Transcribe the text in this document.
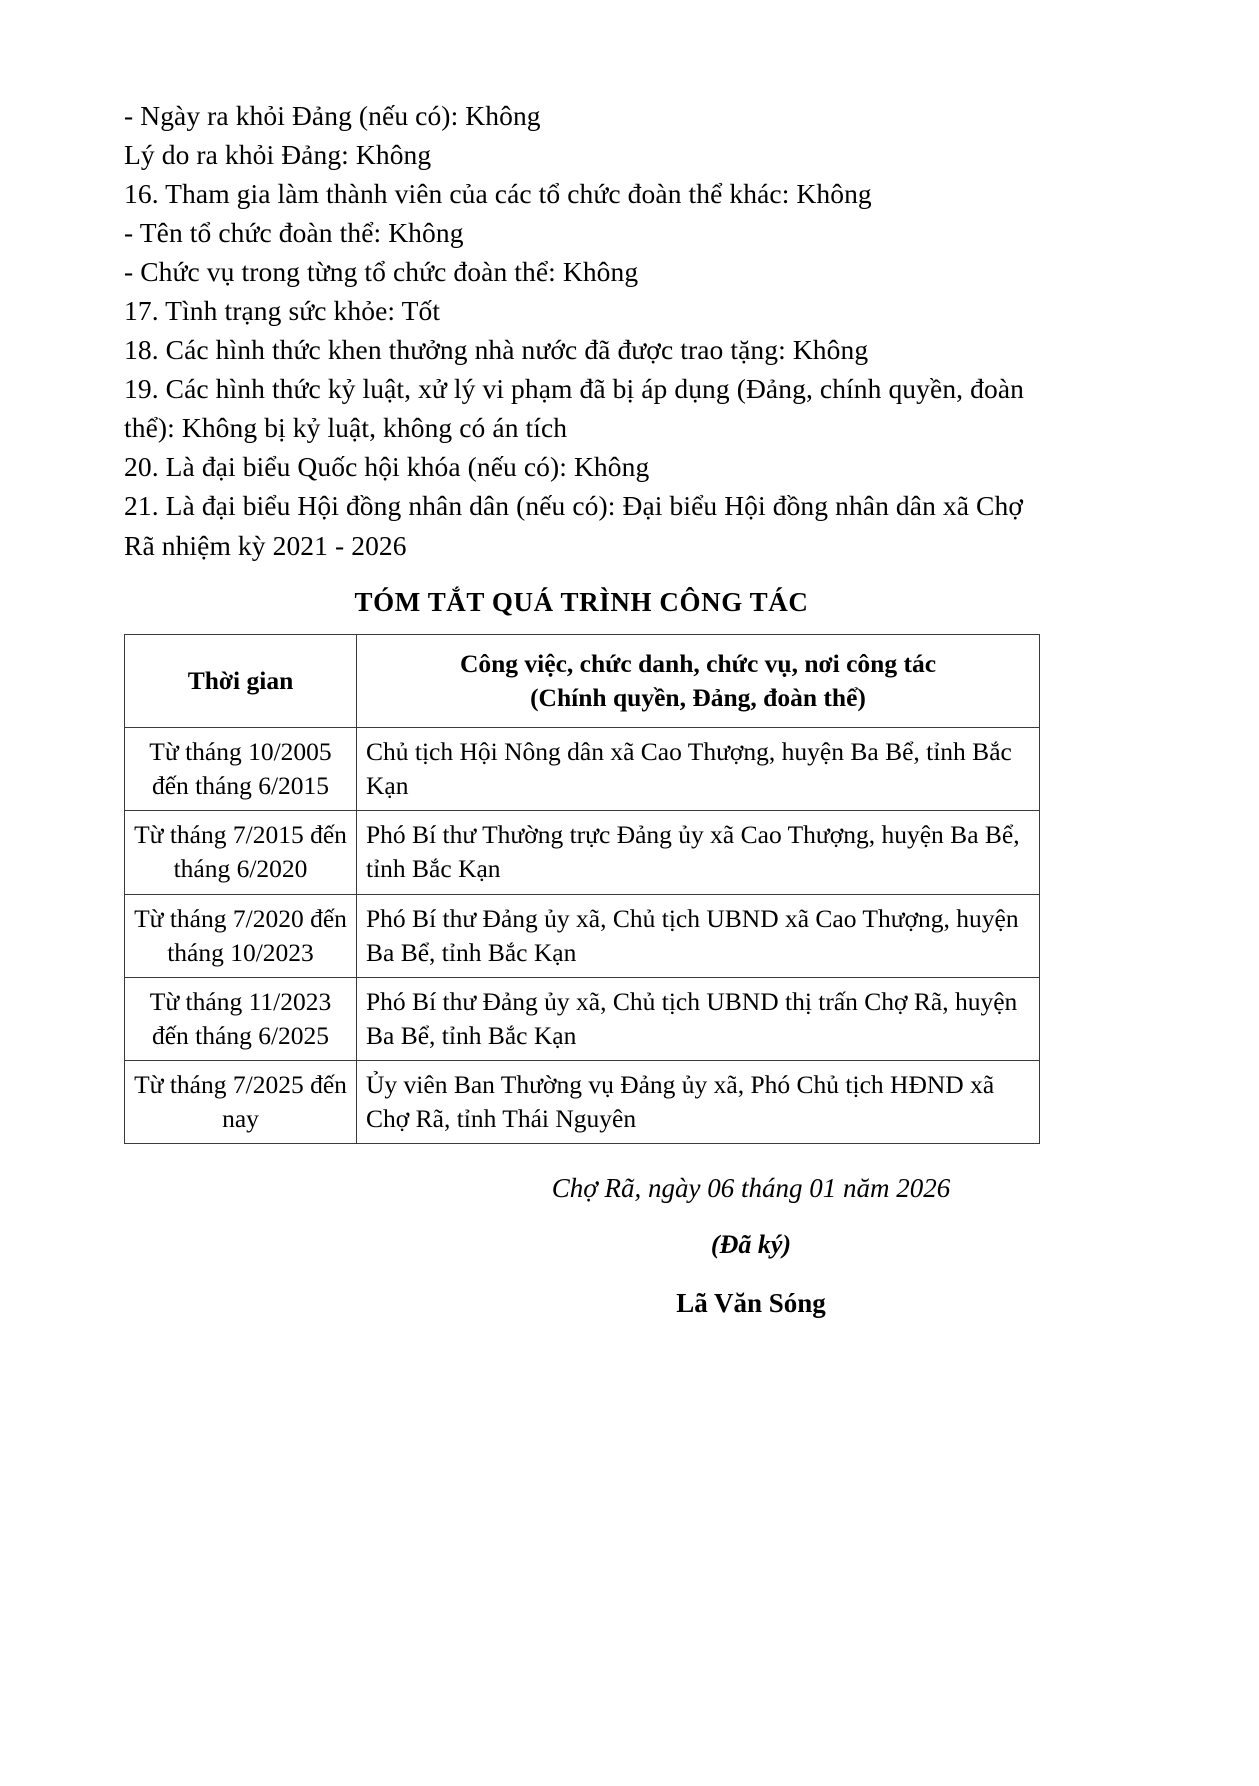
- Ngày ra khỏi Đảng (nếu có): Không

Lý do ra khỏi Đảng: Không

16. Tham gia làm thành viên của các tổ chức đoàn thể khác: Không

- Tên tổ chức đoàn thể: Không

- Chức vụ trong từng tổ chức đoàn thể: Không

17. Tình trạng sức khỏe: Tốt

18. Các hình thức khen thưởng nhà nước đã được trao tặng: Không

19. Các hình thức kỷ luật, xử lý vi phạm đã bị áp dụng (Đảng, chính quyền, đoàn thể): Không bị kỷ luật, không có án tích

20. Là đại biểu Quốc hội khóa (nếu có): Không

21. Là đại biểu Hội đồng nhân dân (nếu có): Đại biểu Hội đồng nhân dân xã Chợ Rã nhiệm kỳ 2021 - 2026

TÓM TẮT QUÁ TRÌNH CÔNG TÁC
Thời gian	Công việc, chức danh, chức vụ, nơi công tác
(Chính quyền, Đảng, đoàn thể)

Từ tháng 10/2005 đến tháng 6/2015	Chủ tịch Hội Nông dân xã Cao Thượng, huyện Ba Bể, tỉnh Bắc Kạn
Từ tháng 7/2015 đến tháng 6/2020	Phó Bí thư Thường trực Đảng ủy xã Cao Thượng, huyện Ba Bể, tỉnh Bắc Kạn
Từ tháng 7/2020 đến tháng 10/2023	Phó Bí thư Đảng ủy xã, Chủ tịch UBND xã Cao Thượng, huyện Ba Bể, tỉnh Bắc Kạn
Từ tháng 11/2023 đến tháng 6/2025	Phó Bí thư Đảng ủy xã, Chủ tịch UBND thị trấn Chợ Rã, huyện Ba Bể, tỉnh Bắc Kạn
Từ tháng 7/2025 đến nay	Ủy viên Ban Thường vụ Đảng ủy xã, Phó Chủ tịch HĐND xã Chợ Rã, tỉnh Thái Nguyên
Chợ Rã, ngày 06 tháng 01 năm 2026
(Đã ký)
Lã Văn Sóng
